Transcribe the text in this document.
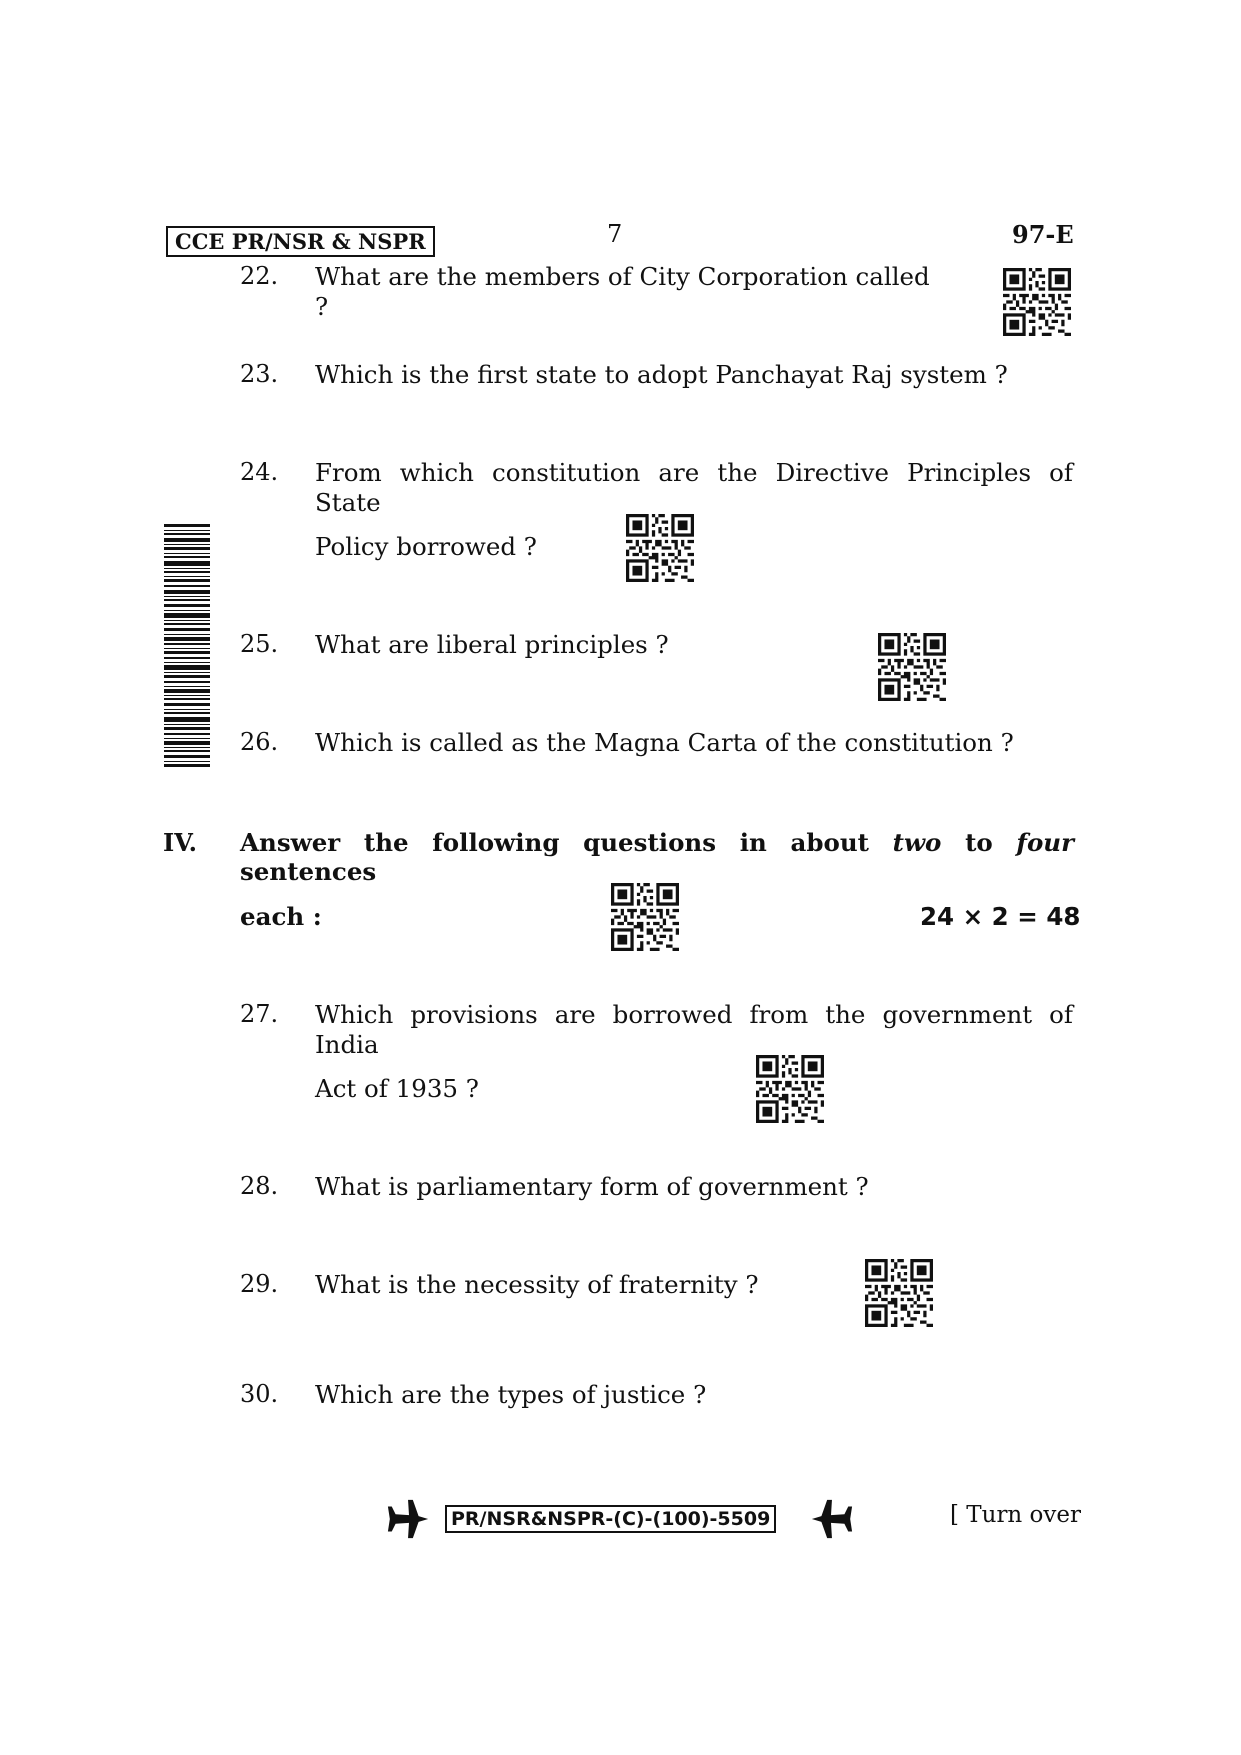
CCE PR/NSR & NSPR	7	97-E
22. What are the members of City Corporation called ?
23. Which is the first state to adopt Panchayat Raj system ?
24. From which constitution are the Directive Principles of State
Policy borrowed ?
25. What are liberal principles ?
26. Which is called as the Magna Carta of the constitution ?
IV. Answer the following questions in about two to four sentences
each :	24 × 2 = 48
27. Which provisions are borrowed from the government of India
Act of 1935 ?
28. What is parliamentary form of government ?
29. What is the necessity of fraternity ?
30. Which are the types of justice ?
PR/NSR&NSPR-(C)-(100)-5509	[ Turn over
